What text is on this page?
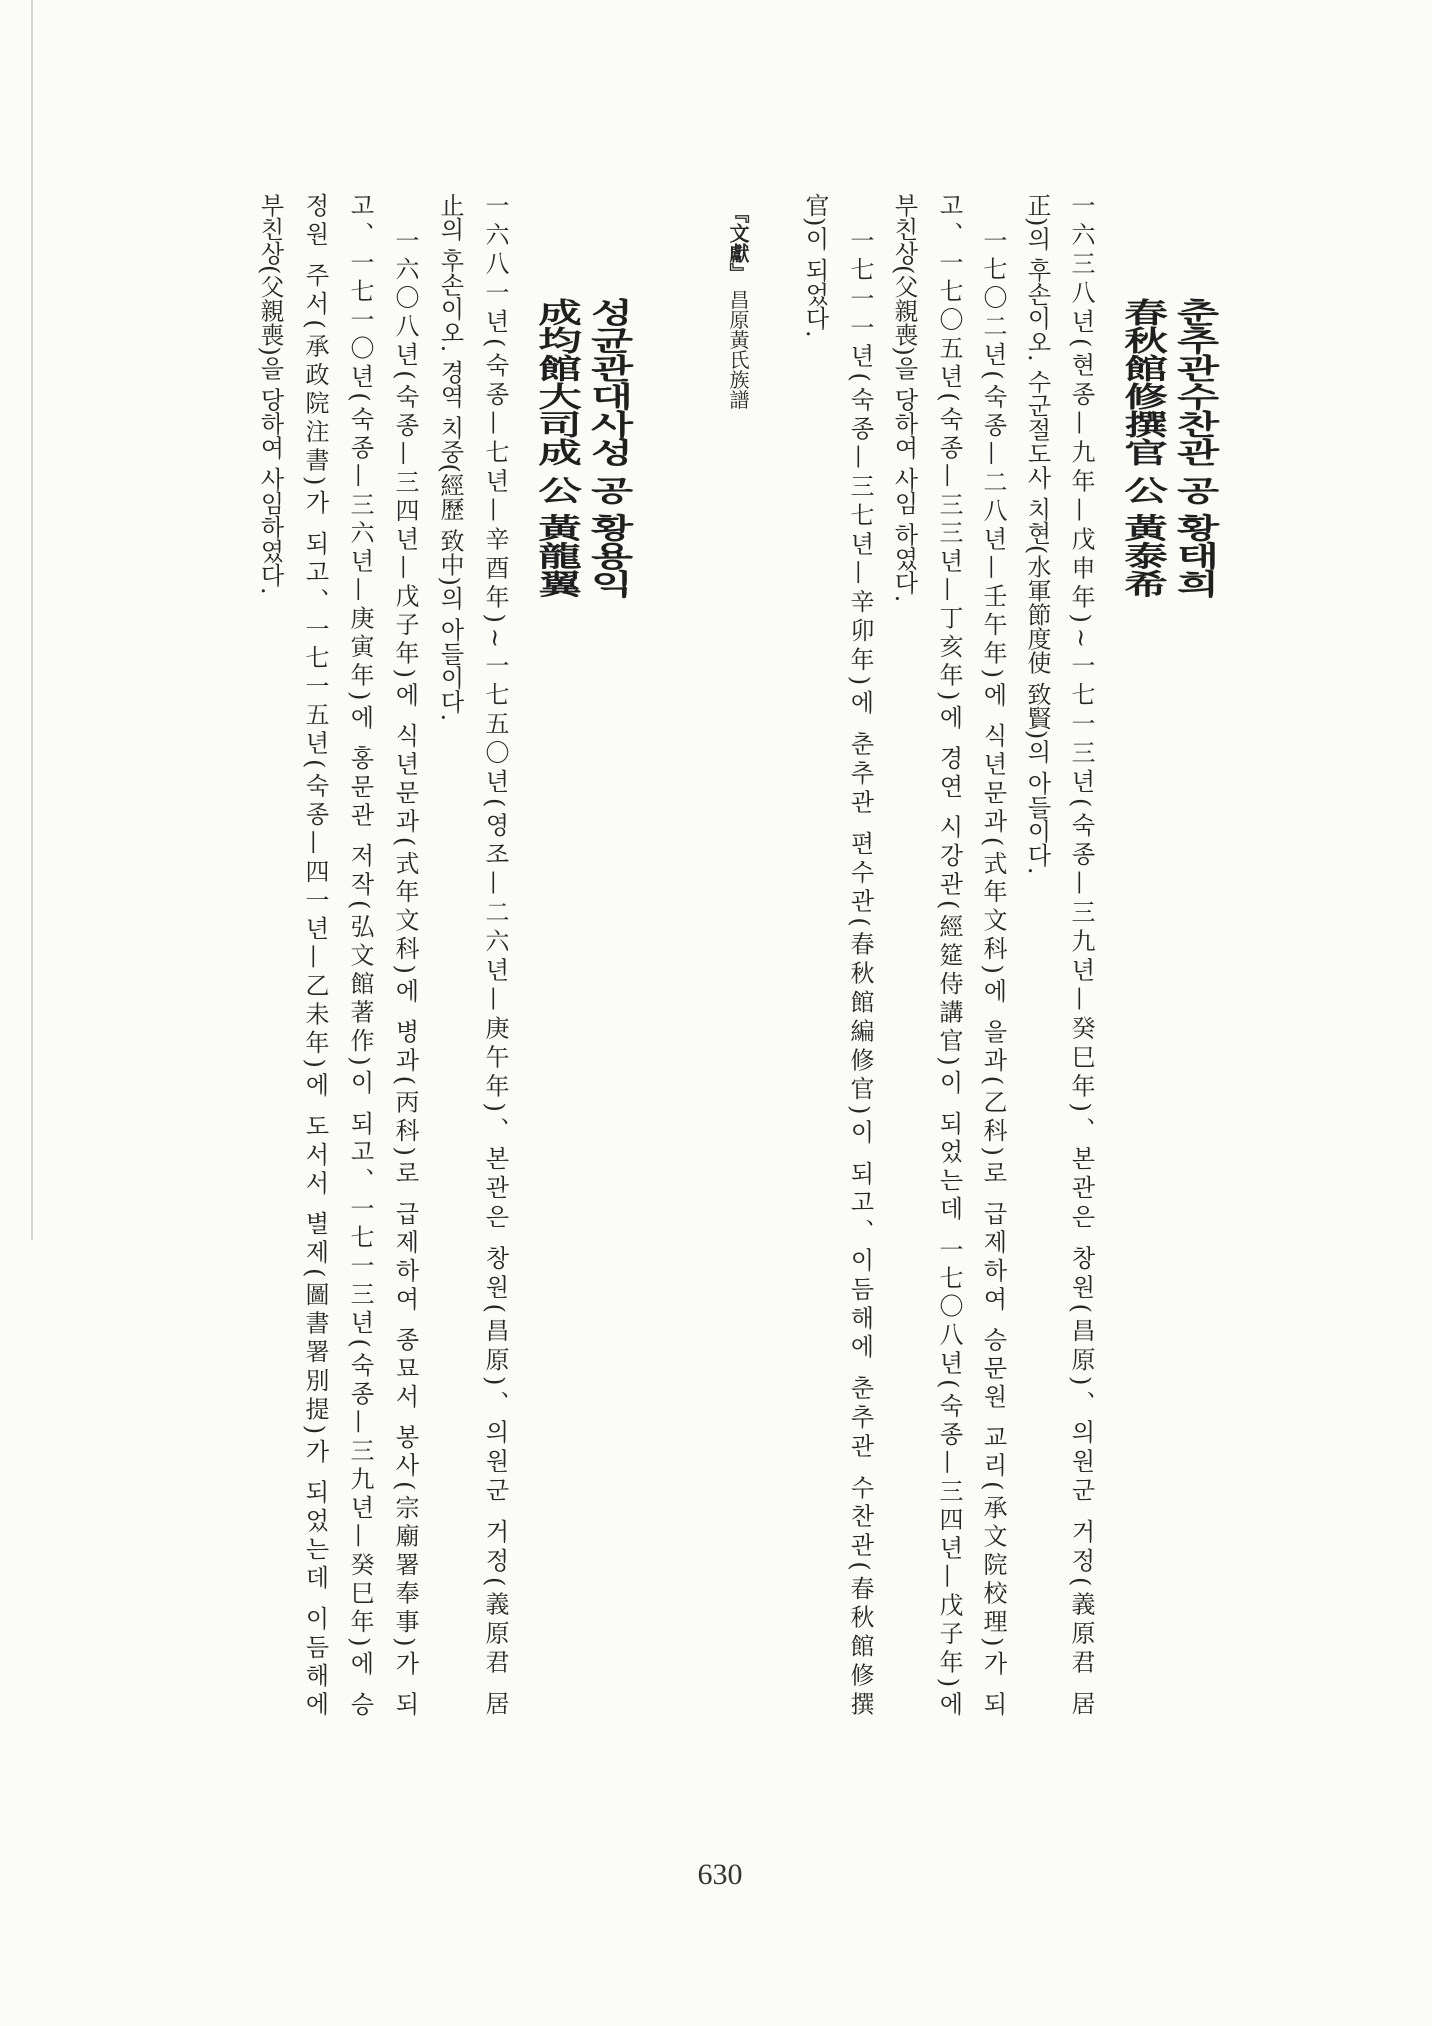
춘추관수찬관 공 황태희
春秋館修撰官 公 黃泰希
一六三八년(현종—九年—戊申年)~一七一三년(숙종—三九년—癸巳年)、본관은 창원(昌原)、의원군 거정(義原君 居
正)의 후손이오. 수군절도사 치현(水軍節度使 致賢)의 아들이다.
一七〇二년(숙종—二八년—壬午年)에 식년문과(式年文科)에 을과(乙科)로 급제하여 승문원 교리(承文院校理)가 되
고、一七〇五년(숙종—三三년—丁亥年)에 경연 시강관(經筵侍講官)이 되었는데 一七〇八년(숙종—三四년—戊子年)에
부친상(父親喪)을 당하여 사임 하였다.
一七一一년(숙종—三七년—辛卯年)에 춘추관 편수관(春秋館編修官)이 되고、이듬해에 춘추관 수찬관(春秋館修撰
官)이 되었다.
『文獻』 昌原黃氏族譜
성균관대사성 공 황용익
成均館大司成 公 黃龍翼
一六八一년(숙종—七년—辛酉年)~一七五〇년(영조—二六년—庚午年)、본관은 창원(昌原)、의원군 거정(義原君 居
止의 후손이오. 경역 치중(經歷 致中)의 아들이다.
一六〇八년(숙종—三四년—戊子年)에 식년문과(式年文科)에 병과(丙科)로 급제하여 종묘서 봉사(宗廟署奉事)가 되
고、一七一〇년(숙종—三六년—庚寅年)에 홍문관 저작(弘文館著作)이 되고、一七一三년(숙종—三九년—癸巳年)에 승
정원 주서(承政院注書)가 되고、一七一五년(숙종—四一년—乙未年)에 도서서 별제(圖書署別提)가 되었는데 이듬해에
부친상(父親喪)을 당하여 사임하였다.
630
